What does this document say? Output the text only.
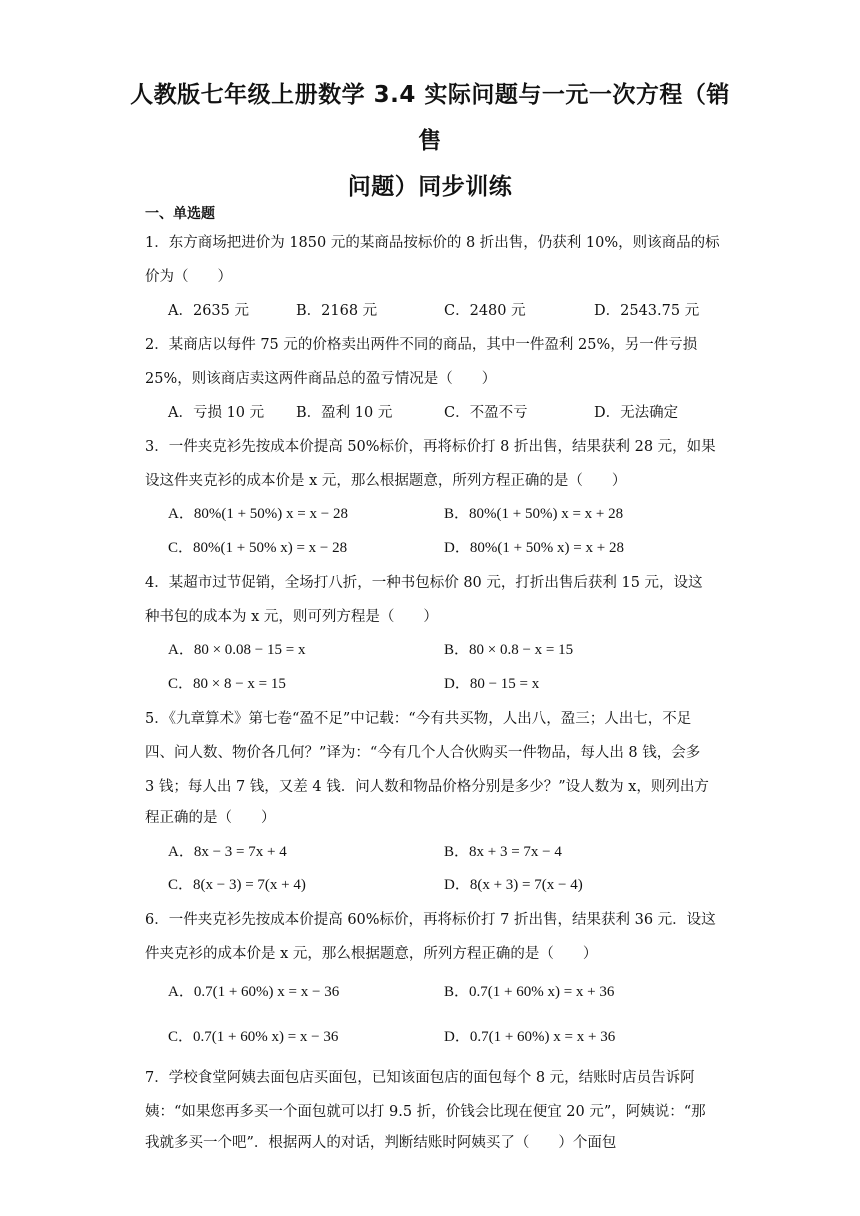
人教版七年级上册数学 3.4 实际问题与一元一次方程（销售
问题）同步训练
一、单选题
1．东方商场把进价为 1850 元的某商品按标价的 8 折出售，仍获利 10%，则该商品的标
价为（　　）
A．2635 元	B．2168 元	C．2480 元	D．2543.75 元
2．某商店以每件 75 元的价格卖出两件不同的商品，其中一件盈利 25%，另一件亏损
25%，则该商店卖这两件商品总的盈亏情况是（　　）
A．亏损 10 元 B．盈利 10 元	C．不盈不亏	D．无法确定
3．一件夹克衫先按成本价提高 50%标价，再将标价打 8 折出售，结果获利 28 元，如果
设这件夹克衫的成本价是 x 元，那么根据题意，所列方程正确的是（　　）
A．80%(1 + 50%) x = x − 28	B．80%(1 + 50%) x = x + 28
C．80%(1 + 50% x) = x − 28	D．80%(1 + 50% x) = x + 28
4．某超市过节促销，全场打八折，一种书包标价 80 元，打折出售后获利 15 元，设这
种书包的成本为 x 元，则可列方程是（　　）
A．80 × 0.08 − 15 = x	B．80 × 0.8 − x = 15
C．80 × 8 − x = 15	D．80 − 15 = x
5．《九章算术》第七卷“盈不足”中记载：“今有共买物，人出八，盈三；人出七，不足
四、问人数、物价各几何？”译为：“今有几个人合伙购买一件物品，每人出 8 钱，会多
3 钱；每人出 7 钱，又差 4 钱．问人数和物品价格分别是多少？”设人数为 x，则列出方
程正确的是（　　）
A．8x − 3 = 7x + 4	B．8x + 3 = 7x − 4
C．8(x − 3) = 7(x + 4)	D．8(x + 3) = 7(x − 4)
6．一件夹克衫先按成本价提高 60%标价，再将标价打 7 折出售，结果获利 36 元．设这
件夹克衫的成本价是 x 元，那么根据题意，所列方程正确的是（　　）
A．0.7(1 + 60%) x = x − 36	B．0.7(1 + 60% x) = x + 36
C．0.7(1 + 60% x) = x − 36	D．0.7(1 + 60%) x = x + 36
7．学校食堂阿姨去面包店买面包，已知该面包店的面包每个 8 元，结账时店员告诉阿
姨：“如果您再多买一个面包就可以打 9.5 折，价钱会比现在便宜 20 元”，阿姨说：“那
我就多买一个吧”．根据两人的对话，判断结账时阿姨买了（　　）个面包
